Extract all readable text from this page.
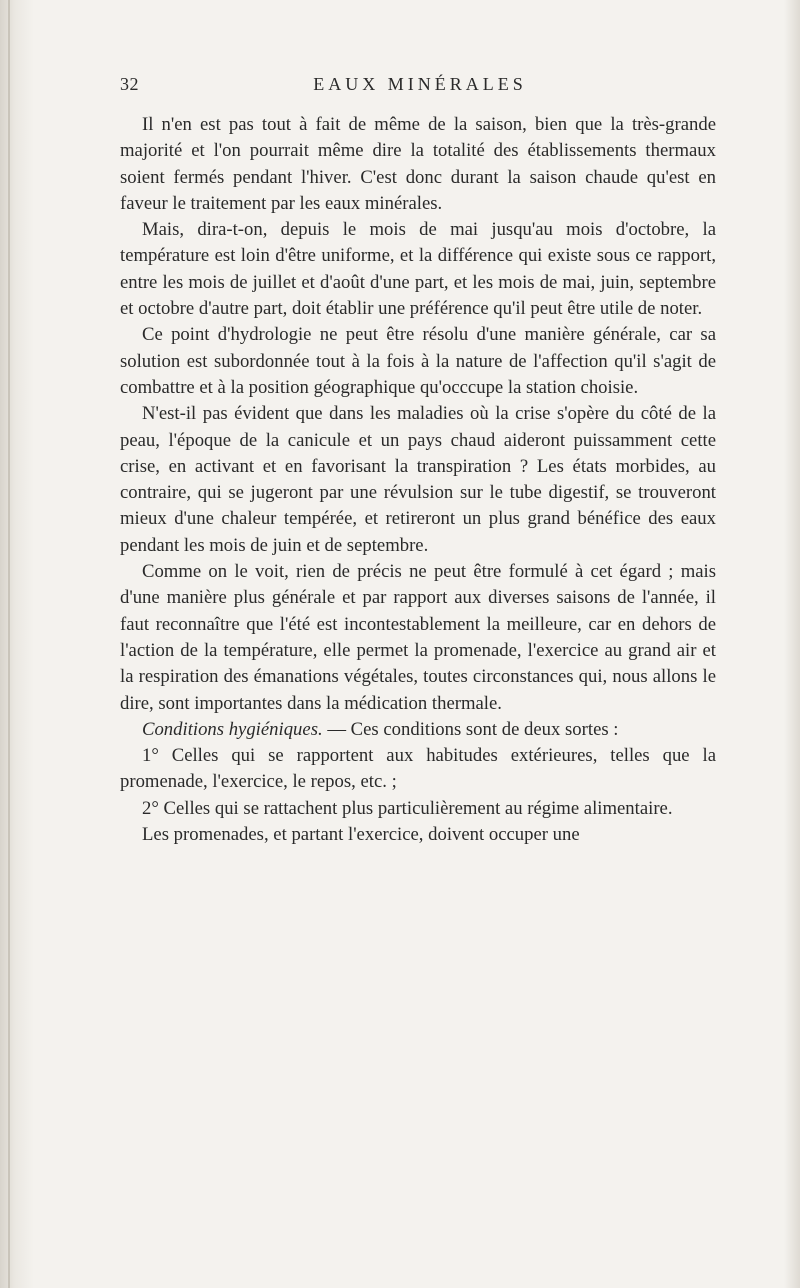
32	EAUX MINÉRALES

Il n'en est pas tout à fait de même de la saison, bien que la très-grande majorité et l'on pourrait même dire la totalité des établissements thermaux soient fermés pendant l'hiver. C'est donc durant la saison chaude qu'est en faveur le traitement par les eaux minérales.

Mais, dira-t-on, depuis le mois de mai jusqu'au mois d'octobre, la température est loin d'être uniforme, et la différence qui existe sous ce rapport, entre les mois de juillet et d'août d'une part, et les mois de mai, juin, septembre et octobre d'autre part, doit établir une préférence qu'il peut être utile de noter.

Ce point d'hydrologie ne peut être résolu d'une manière générale, car sa solution est subordonnée tout à la fois à la nature de l'affection qu'il s'agit de combattre et à la position géographique qu'occcupe la station choisie.

N'est-il pas évident que dans les maladies où la crise s'opère du côté de la peau, l'époque de la canicule et un pays chaud aideront puissamment cette crise, en activant et en favorisant la transpiration ? Les états morbides, au contraire, qui se jugeront par une révulsion sur le tube digestif, se trouveront mieux d'une chaleur tempérée, et retireront un plus grand bénéfice des eaux pendant les mois de juin et de septembre.

Comme on le voit, rien de précis ne peut être formulé à cet égard ; mais d'une manière plus générale et par rapport aux diverses saisons de l'année, il faut reconnaître que l'été est incontestablement la meilleure, car en dehors de l'action de la température, elle permet la promenade, l'exercice au grand air et la respiration des émanations végétales, toutes circonstances qui, nous allons le dire, sont importantes dans la médication thermale.

Conditions hygiéniques. — Ces conditions sont de deux sortes :

1° Celles qui se rapportent aux habitudes extérieures, telles que la promenade, l'exercice, le repos, etc. ;

2° Celles qui se rattachent plus particulièrement au régime alimentaire.

Les promenades, et partant l'exercice, doivent occuper une
